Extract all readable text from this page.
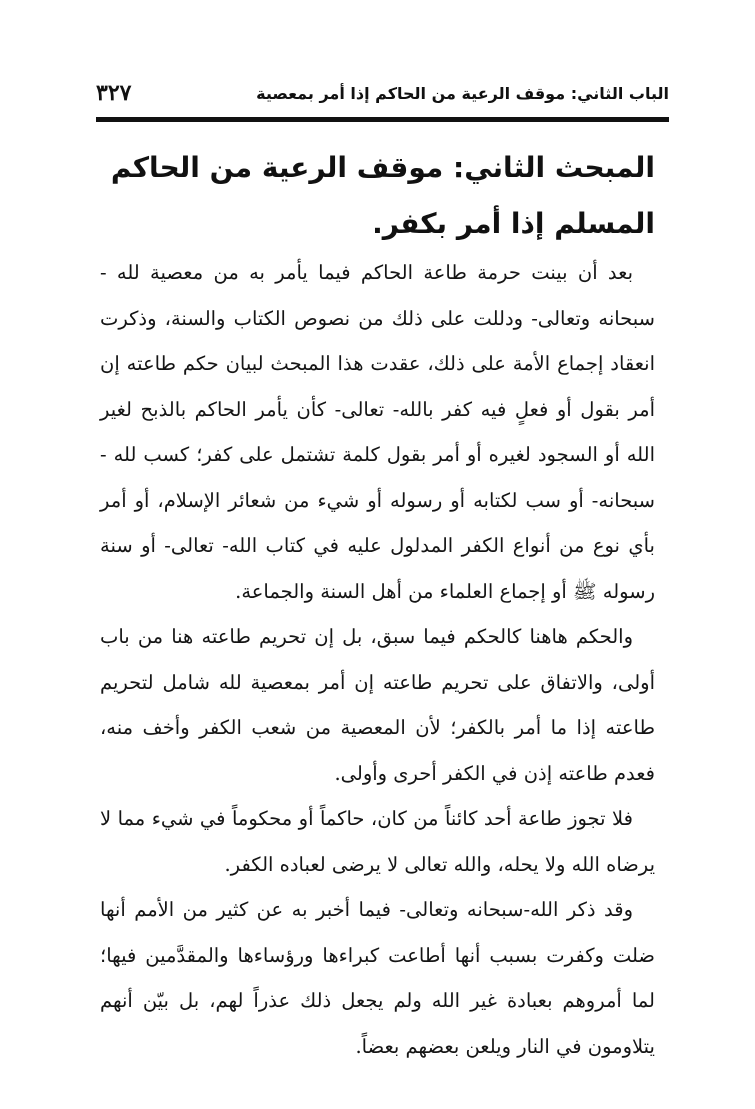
الباب الثاني: موقف الرعية من الحاكم إذا أمر بمعصية
٣٢٧
المبحث الثاني: موقف الرعية من الحاكم المسلم إذا أمر بكفر.

بعد أن بينت حرمة طاعة الحاكم فيما يأمر به من معصية لله - سبحانه وتعالى- ودللت على ذلك من نصوص الكتاب والسنة، وذكرت انعقاد إجماع الأمة على ذلك، عقدت هذا المبحث لبيان حكم طاعته إن أمر بقول أو فعلٍ فيه كفر بالله- تعالى- كأن يأمر الحاكم بالذبح لغير الله أو السجود لغيره أو أمر بقول كلمة تشتمل على كفر؛ كسب لله - سبحانه- أو سب لكتابه أو رسوله أو شيء من شعائر الإسلام، أو أمر بأي نوع من أنواع الكفر المدلول عليه في كتاب الله- تعالى- أو سنة رسوله ﷺ أو إجماع العلماء من أهل السنة والجماعة.

والحكم هاهنا كالحكم فيما سبق، بل إن تحريم طاعته هنا من باب أولى، والاتفاق على تحريم طاعته إن أمر بمعصية لله شامل لتحريم طاعته إذا ما أمر بالكفر؛ لأن المعصية من شعب الكفر وأخف منه، فعدم طاعته إذن في الكفر أحرى وأولى.

فلا تجوز طاعة أحد كائناً من كان، حاكماً أو محكوماً في شيء مما لا يرضاه الله ولا يحله، والله تعالى لا يرضى لعباده الكفر.

وقد ذكر الله-سبحانه وتعالى- فيما أخبر به عن كثير من الأمم أنها ضلت وكفرت بسبب أنها أطاعت كبراءها ورؤساءها والمقدَّمين فيها؛ لما أمروهم بعبادة غير الله ولم يجعل ذلك عذراً لهم، بل بيّن أنهم يتلاومون في النار ويلعن بعضهم بعضاً.
